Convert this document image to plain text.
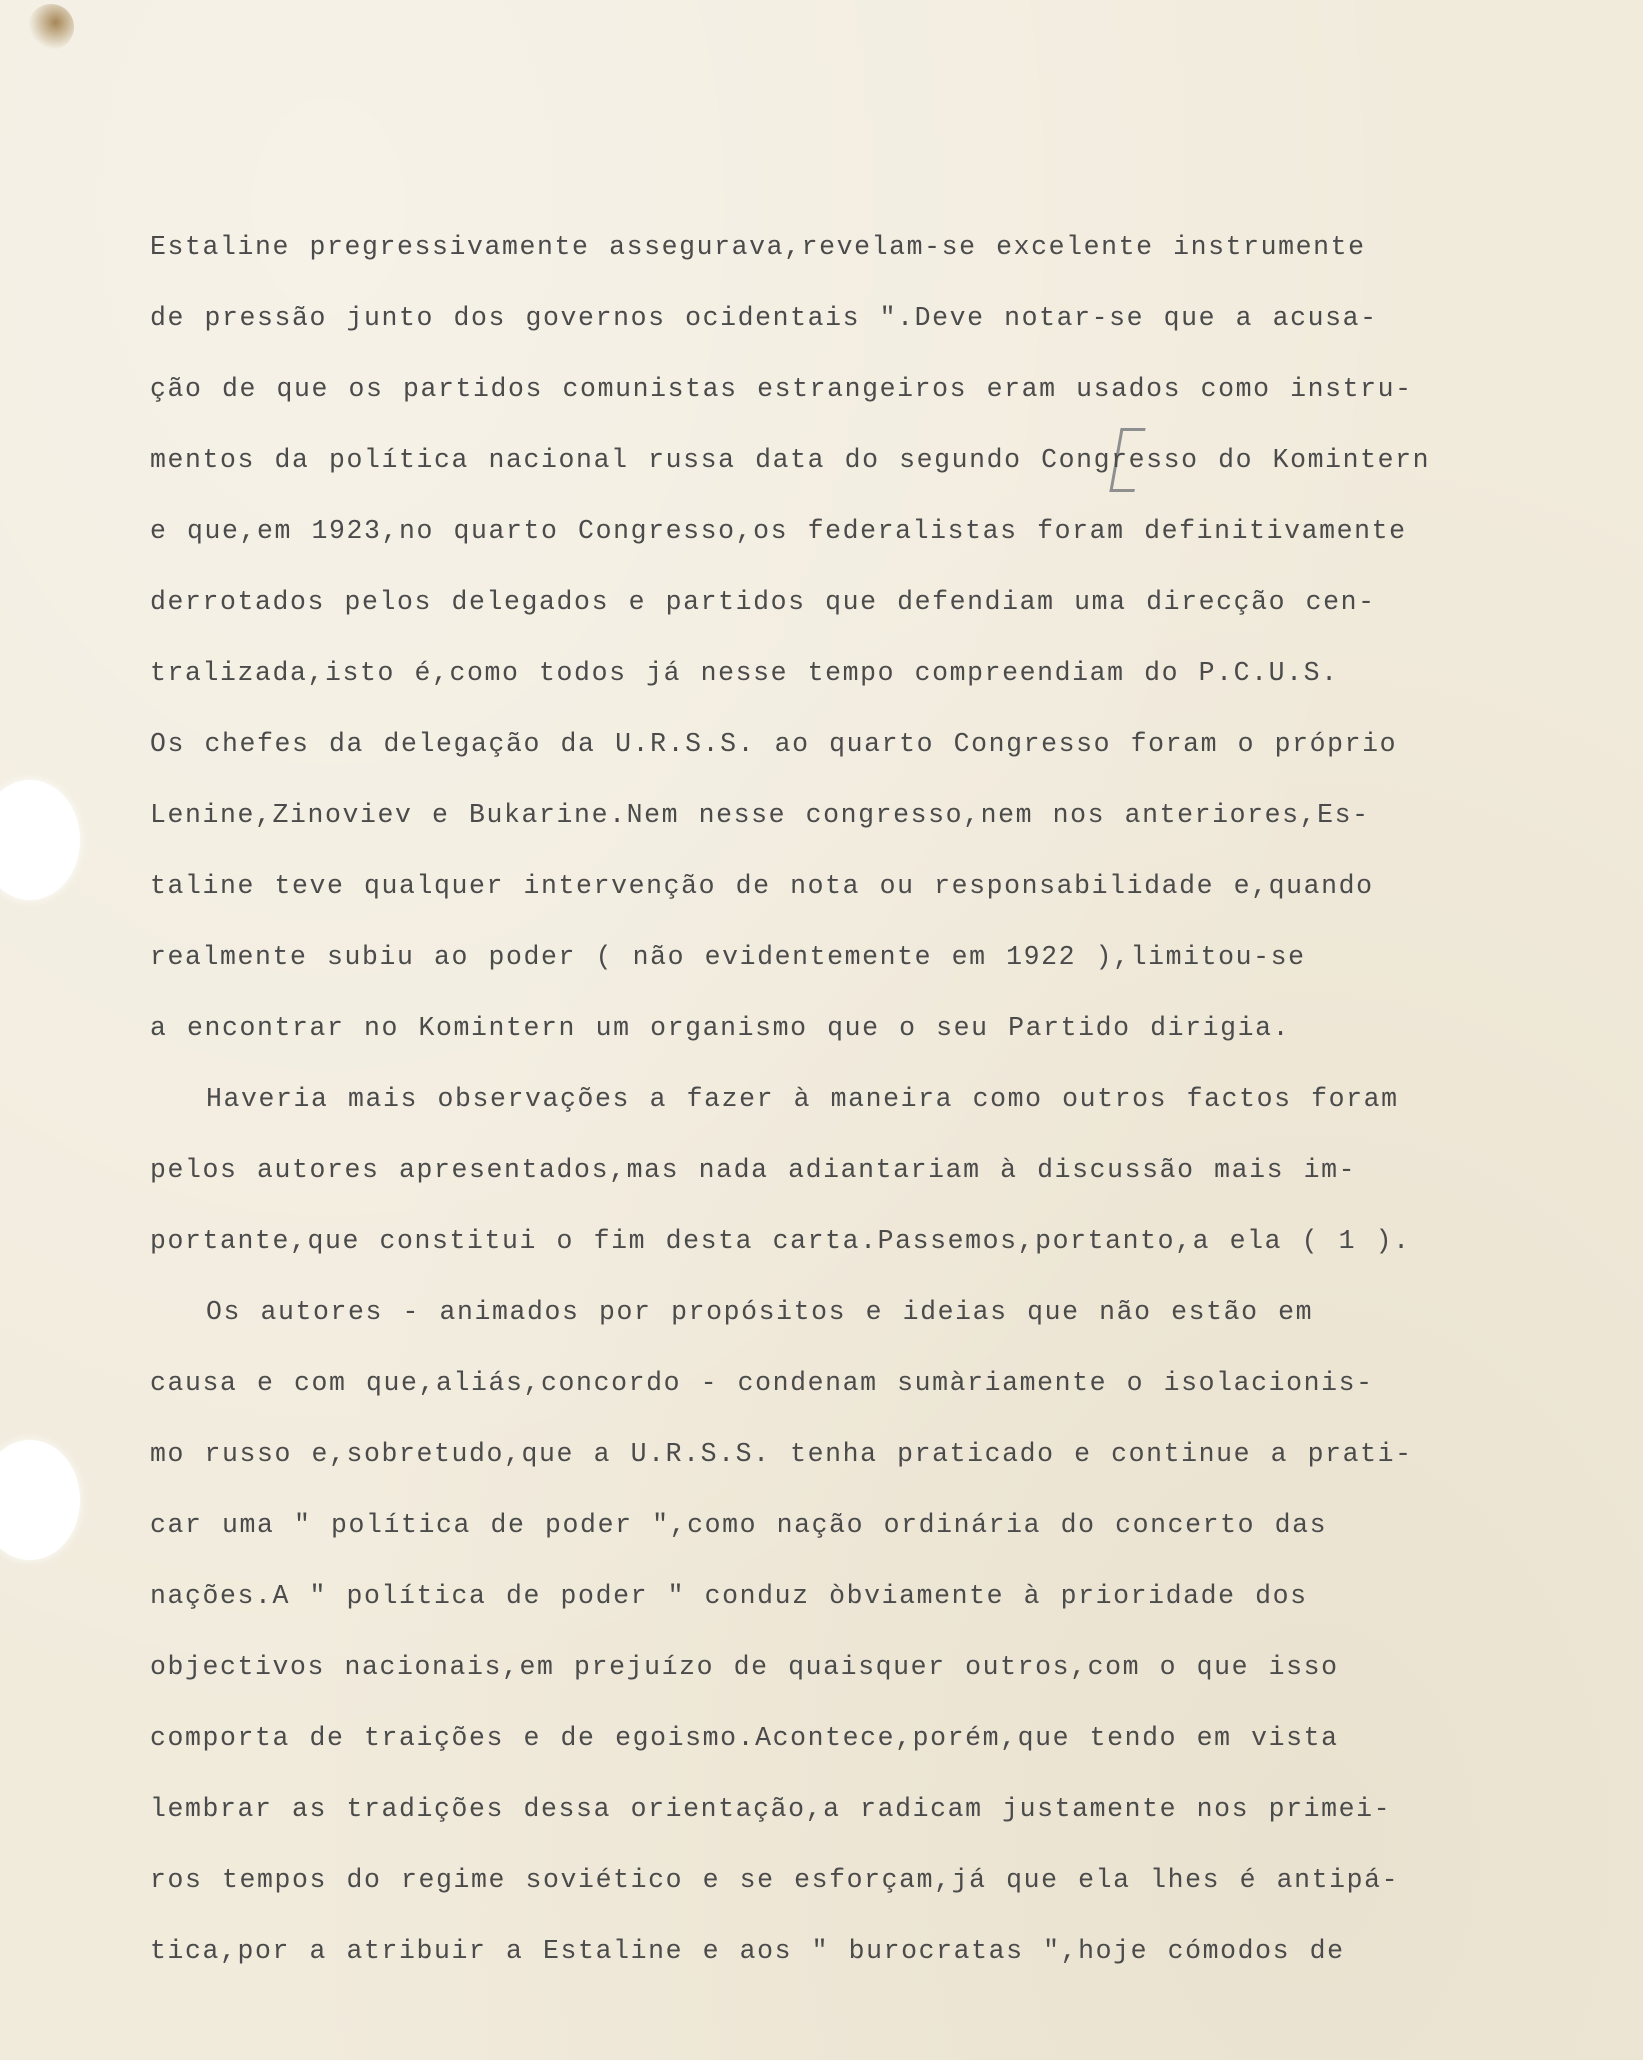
Estaline pregressivamente assegurava,revelam-se excelente instrumente
de pressão junto dos governos ocidentais ".Deve notar-se que a acusa-
ção de que os partidos comunistas estrangeiros eram usados como instru-
mentos da política nacional russa data do segundo Congresso do Komintern
e que,em 1923,no quarto Congresso,os federalistas foram definitivamente
derrotados pelos delegados e partidos que defendiam uma direcção cen-
tralizada,isto é,como todos já nesse tempo compreendiam do P.C.U.S.
Os chefes da delegação da U.R.S.S. ao quarto Congresso foram o próprio
Lenine,Zinoviev e Bukarine.Nem nesse congresso,nem nos anteriores,Es-
taline teve qualquer intervenção de nota ou responsabilidade e,quando
realmente subiu ao poder ( não evidentemente em 1922 ),limitou-se
a encontrar no Komintern um organismo que o seu Partido dirigia.
Haveria mais observações a fazer à maneira como outros factos foram
pelos autores apresentados,mas nada adiantariam à discussão mais im-
portante,que constitui o fim desta carta.Passemos,portanto,a ela ( 1 ).
Os autores - animados por propósitos e ideias que não estão em
causa e com que,aliás,concordo - condenam sumàriamente o isolacionis-
mo russo e,sobretudo,que a U.R.S.S. tenha praticado e continue a prati-
car uma " política de poder ",como nação ordinária do concerto das
nações.A " política de poder " conduz òbviamente à prioridade dos
objectivos nacionais,em prejuízo de quaisquer outros,com o que isso
comporta de traições e de egoismo.Acontece,porém,que tendo em vista
lembrar as tradições dessa orientação,a radicam justamente nos primei-
ros tempos do regime soviético e se esforçam,já que ela lhes é antipá-
tica,por a atribuir a Estaline e aos " burocratas ",hoje cómodos de
